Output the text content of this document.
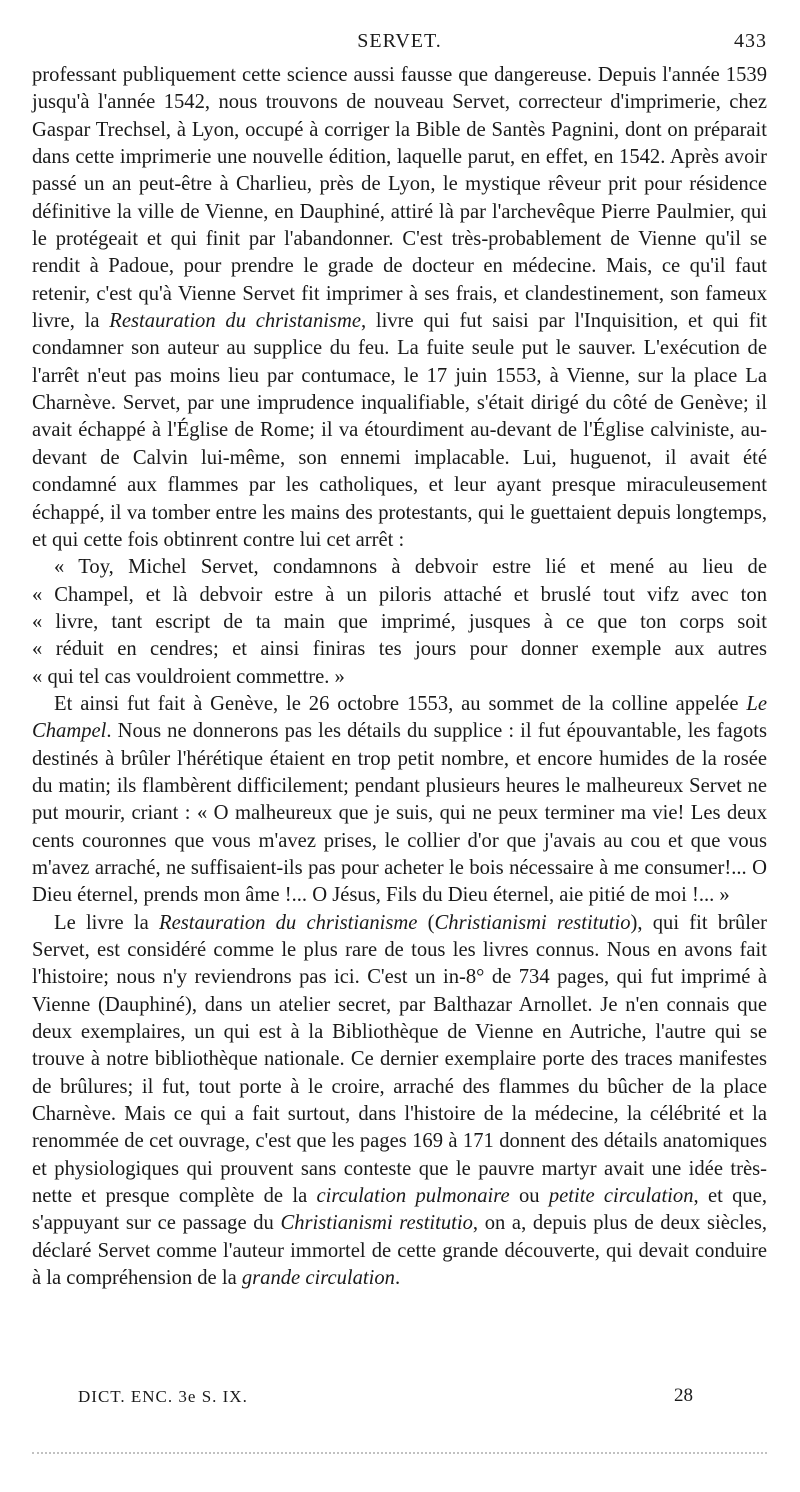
SERVET.	433

professant publiquement cette science aussi fausse que dangereuse. Depuis l'année 1539 jusqu'à l'année 1542, nous trouvons de nouveau Servet, correcteur d'imprimerie, chez Gaspar Trechsel, à Lyon, occupé à corriger la Bible de Santès Pagnini, dont on préparait dans cette imprimerie une nouvelle édition, laquelle parut, en effet, en 1542. Après avoir passé un an peut-être à Charlieu, près de Lyon, le mystique rêveur prit pour résidence définitive la ville de Vienne, en Dauphiné, attiré là par l'archevêque Pierre Paulmier, qui le protégeait et qui finit par l'abandonner. C'est très-probablement de Vienne qu'il se rendit à Padoue, pour prendre le grade de docteur en médecine. Mais, ce qu'il faut retenir, c'est qu'à Vienne Servet fit imprimer à ses frais, et clandestinement, son fameux livre, la Restauration du christanisme, livre qui fut saisi par l'Inquisition, et qui fit condamner son auteur au supplice du feu. La fuite seule put le sauver. L'exécution de l'arrêt n'eut pas moins lieu par contumace, le 17 juin 1553, à Vienne, sur la place La Charnève. Servet, par une imprudence inqualifiable, s'était dirigé du côté de Genève; il avait échappé à l'Église de Rome; il va étourdiment au-devant de l'Église calviniste, au-devant de Calvin lui-même, son ennemi implacable. Lui, huguenot, il avait été condamné aux flammes par les catholiques, et leur ayant presque miraculeusement échappé, il va tomber entre les mains des protestants, qui le guettaient depuis longtemps, et qui cette fois obtinrent contre lui cet arrêt :

« Toy, Michel Servet, condamnons à debvoir estre lié et mené au lieu de
« Champel, et là debvoir estre à un piloris attaché et bruslé tout vifz avec ton
« livre, tant escript de ta main que imprimé, jusques à ce que ton corps soit
« réduit en cendres; et ainsi finiras tes jours pour donner exemple aux autres
« qui tel cas vouldroient commettre. »

Et ainsi fut fait à Genève, le 26 octobre 1553, au sommet de la colline appelée Le Champel. Nous ne donnerons pas les détails du supplice : il fut épouvantable, les fagots destinés à brûler l'hérétique étaient en trop petit nombre, et encore humides de la rosée du matin; ils flambèrent difficilement; pendant plusieurs heures le malheureux Servet ne put mourir, criant : « O malheureux que je suis, qui ne peux terminer ma vie! Les deux cents couronnes que vous m'avez prises, le collier d'or que j'avais au cou et que vous m'avez arraché, ne suffisaient-ils pas pour acheter le bois nécessaire à me consumer!... O Dieu éternel, prends mon âme !... O Jésus, Fils du Dieu éternel, aie pitié de moi !... »

Le livre la Restauration du christianisme (Christianismi restitutio), qui fit brûler Servet, est considéré comme le plus rare de tous les livres connus. Nous en avons fait l'histoire; nous n'y reviendrons pas ici. C'est un in-8° de 734 pages, qui fut imprimé à Vienne (Dauphiné), dans un atelier secret, par Balthazar Arnollet. Je n'en connais que deux exemplaires, un qui est à la Bibliothèque de Vienne en Autriche, l'autre qui se trouve à notre bibliothèque nationale. Ce dernier exemplaire porte des traces manifestes de brûlures; il fut, tout porte à le croire, arraché des flammes du bûcher de la place Charnève. Mais ce qui a fait surtout, dans l'histoire de la médecine, la célébrité et la renommée de cet ouvrage, c'est que les pages 169 à 171 donnent des détails anatomiques et physiologiques qui prouvent sans conteste que le pauvre martyr avait une idée très-nette et presque complète de la circulation pulmonaire ou petite circulation, et que, s'appuyant sur ce passage du Christianismi restitutio, on a, depuis plus de deux siècles, déclaré Servet comme l'auteur immortel de cette grande découverte, qui devait conduire à la compréhension de la grande circulation.

DICT. ENC. 3e S. IX.	28
